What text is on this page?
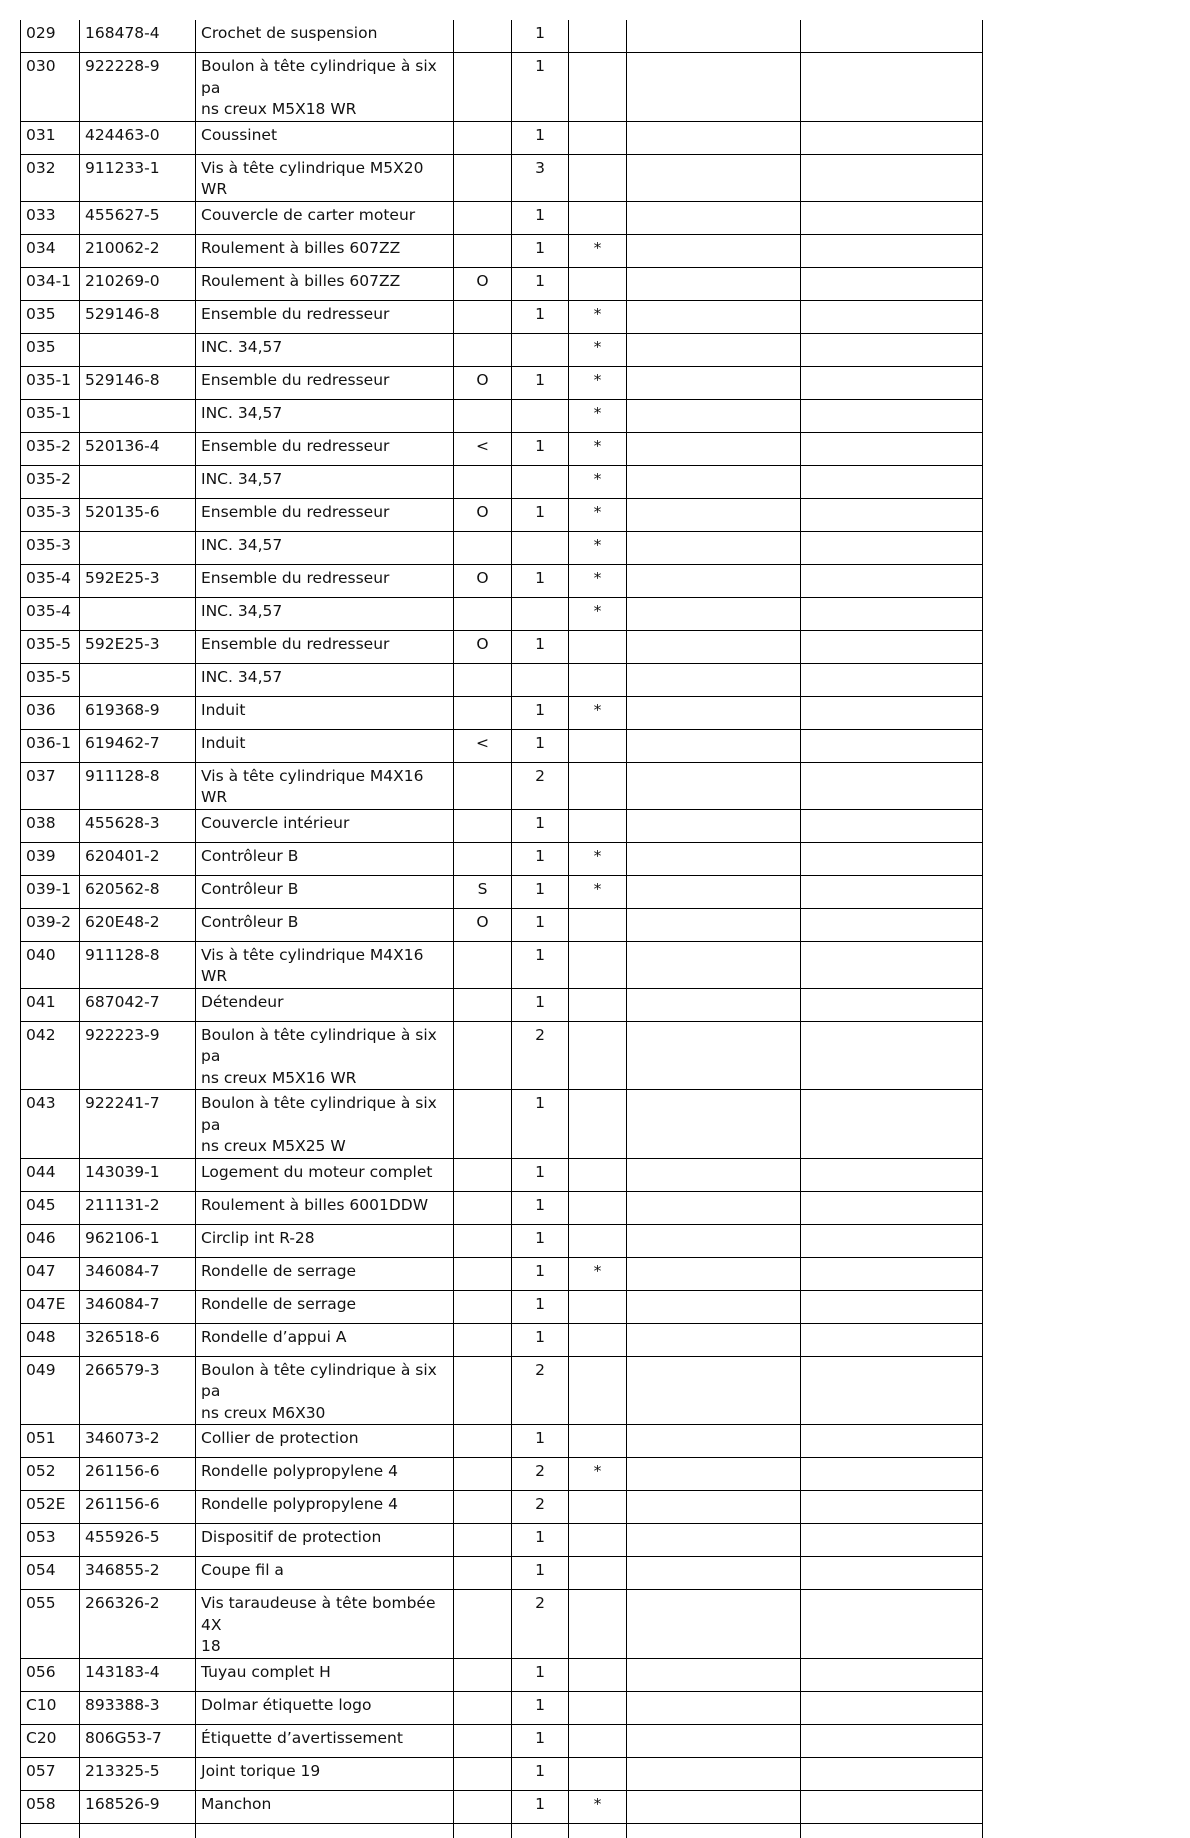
029	168478-4	Crochet de suspension		1			
030	922228-9	Boulon à tête cylindrique à six pa
ns creux M5X18 WR		1			
031	424463-0	Coussinet		1			
032	911233-1	Vis à tête cylindrique M5X20 WR		3			
033	455627-5	Couvercle de carter moteur		1			
034	210062-2	Roulement à billes 607ZZ		1	*		
034-1	210269-0	Roulement à billes 607ZZ	O	1			
035	529146-8	Ensemble du redresseur		1	*		
035		INC. 34,57			*		
035-1	529146-8	Ensemble du redresseur	O	1	*		
035-1		INC. 34,57			*		
035-2	520136-4	Ensemble du redresseur	<	1	*		
035-2		INC. 34,57			*		
035-3	520135-6	Ensemble du redresseur	O	1	*		
035-3		INC. 34,57			*		
035-4	592E25-3	Ensemble du redresseur	O	1	*		
035-4		INC. 34,57			*		
035-5	592E25-3	Ensemble du redresseur	O	1			
035-5		INC. 34,57					
036	619368-9	Induit		1	*		
036-1	619462-7	Induit	<	1			
037	911128-8	Vis à tête cylindrique M4X16 WR		2			
038	455628-3	Couvercle intérieur		1			
039	620401-2	Contrôleur B		1	*		
039-1	620562-8	Contrôleur B	S	1	*		
039-2	620E48-2	Contrôleur B	O	1			
040	911128-8	Vis à tête cylindrique M4X16 WR		1			
041	687042-7	Détendeur		1			
042	922223-9	Boulon à tête cylindrique à six pa
ns creux M5X16 WR		2			
043	922241-7	Boulon à tête cylindrique à six pa
ns creux M5X25 W		1			
044	143039-1	Logement du moteur complet		1			
045	211131-2	Roulement à billes 6001DDW		1			
046	962106-1	Circlip int R-28		1			
047	346084-7	Rondelle de serrage		1	*		
047E	346084-7	Rondelle de serrage		1			
048	326518-6	Rondelle d’appui A		1			
049	266579-3	Boulon à tête cylindrique à six pa
ns creux M6X30		2			
051	346073-2	Collier de protection		1			
052	261156-6	Rondelle polypropylene 4		2	*		
052E	261156-6	Rondelle polypropylene 4		2			
053	455926-5	Dispositif de protection		1			
054	346855-2	Coupe fil a		1			
055	266326-2	Vis taraudeuse à tête bombée 4X
18		2			
056	143183-4	Tuyau complet H		1			
C10	893388-3	Dolmar étiquette logo		1			
C20	806G53-7	Étiquette d’avertissement		1			
057	213325-5	Joint torique 19		1			
058	168526-9	Manchon		1	*		
